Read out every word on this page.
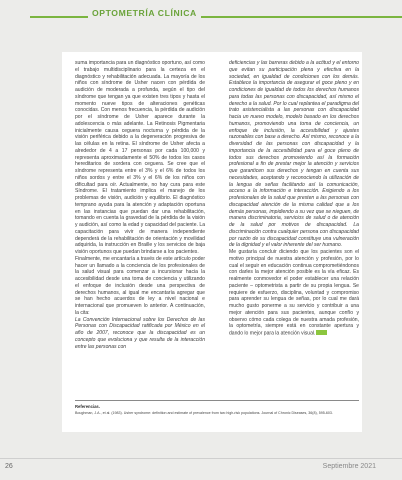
OPTOMETRÍA CLÍNICA

suma importancia para un diagnóstico oportuno, así como el trabajo multidisciplinario para la certeza en el diagnóstico y rehabilitación adecuada. La mayoría de los niños con síndrome de Usher nacen con pérdida de audición de moderada a profunda, según el tipo del síndrome que tengan ya que existen tres tipos y hasta el momento nueve tipos de alteraciones genéticas conocidas. Con menos frecuencia, la pérdida de audición por el síndrome de Usher aparece durante la adolescencia o más adelante. La Retinosis Pigmentaria inicialmente causa ceguera nocturna y pérdida de la visión periférica debido a la degeneración progresiva de las células en la retina. El síndrome de Usher afecta a alrededor de 4 a 17 personas por cada 100,000 y representa aproximadamente el 50% de todos los casos hereditarios de sordera con ceguera. Se cree que el síndrome representa entre el 3% y el 6% de todos los niños sordos y entre el 3% y el 6% de los niños con dificultad para oír. Actualmente, no hay cura para este Síndrome. El tratamiento implica el manejo de los problemas de visión, audición y equilibrio. El diagnóstico temprano ayuda para la atención y adaptación oportuna en las instancias que puedan dar una rehabilitación, tomando en cuenta la gravedad de la pérdida de la visión y audición, así como la edad y capacidad del paciente. La capacitación para vivir de manera independiente dependerá de la rehabilitación de orientación y movilidad adquirida, la instrucción en Braille y los servicios de baja visión oportunos que puedan brindarse a los pacientes.

Finalmente, me encantaría a través de este artículo poder hacer un llamado a la conciencia de los profesionales de la salud visual para comenzar a incursionar hacia la accesibilidad desde una toma de conciencia y utilizando el enfoque de inclusión desde una perspectiva de derechos humanos, al igual me encantaría agregar que se han hecho acuerdos de ley a nivel nacional e internacional que promueven lo anterior. A continuación, la cita:

La Convención Internacional sobre los Derechos de las Personas con Discapacidad ratificada por México en el año de 2007, reconoce que la discapacidad es un concepto que evoluciona y que resulta de la interacción entre las personas con

deficiencias y las barreras debido a la actitud y el entorno que evitan su participación plena y efectiva en la sociedad, en igualdad de condiciones con los demás. Establece la importancia de asegurar el goce pleno y en condiciones de igualdad de todos los derechos humanos para todas las personas con discapacidad, así mismo el derecho a la salud. Por lo cual replantea el paradigma del trato asistencialista a las personas con discapacidad hacia un nuevo modelo, modelo basado en los derechos humanos, promoviendo una toma de conciencia, un enfoque de inclusión, la accesibilidad y ajustes razonables con base a derecho. Así mismo, reconoce a la diversidad de las personas con discapacidad y la importancia de la accesibilidad para el goce pleno de todos sus derechos promoviendo así la formación profesional a fin de prestar mejor la atención y servicios que garanticen sus derechos y tengan en cuenta sus necesidades, aceptando y reconociendo la utilización de la lengua de señas facilitando así la comunicación, acceso a la información e interacción. Exigiendo a los profesionales de la salud que presten a las personas con discapacidad atención de la misma calidad que a los demás personas, impidiendo a su vez que se nieguen, de manera discriminatoria, servicios de salud o de atención de la salud por motivos de discapacidad. La discriminación contra cualquier persona con discapacidad por razón de su discapacidad constituye una vulneración de la dignidad y el valor inherente del ser humano.

Me gustaría concluir diciendo que los pacientes son el motivo principal de nuestra atención y profesión, por lo cual el seguir en educación continua comprometiéndonos con darles la mejor atención posible es la vía eficaz. Es realmente conmovedor el poder establecer una relación paciente – optometrista a partir de su propia lengua. Se requiere de esfuerzo, disciplina, voluntad y compromiso para aprender su lengua de señas, por lo cual me dará mucho gusto ponerme a su servicio y contribuir a una mejor atención para sus pacientes, aunque confío y observo cómo cada colega de nuestra amada profesión, la optometría, siempre está en constante apertura y dando lo mejor para la atención visual.

Referencias.
Boughman, J.A., et al. (1983). Usher syndrome: definition and estimate of prevalence from two high-risk populations. Journal of Chronic Diseases, 36(8), 595-603.
26	Septiembre 2021
